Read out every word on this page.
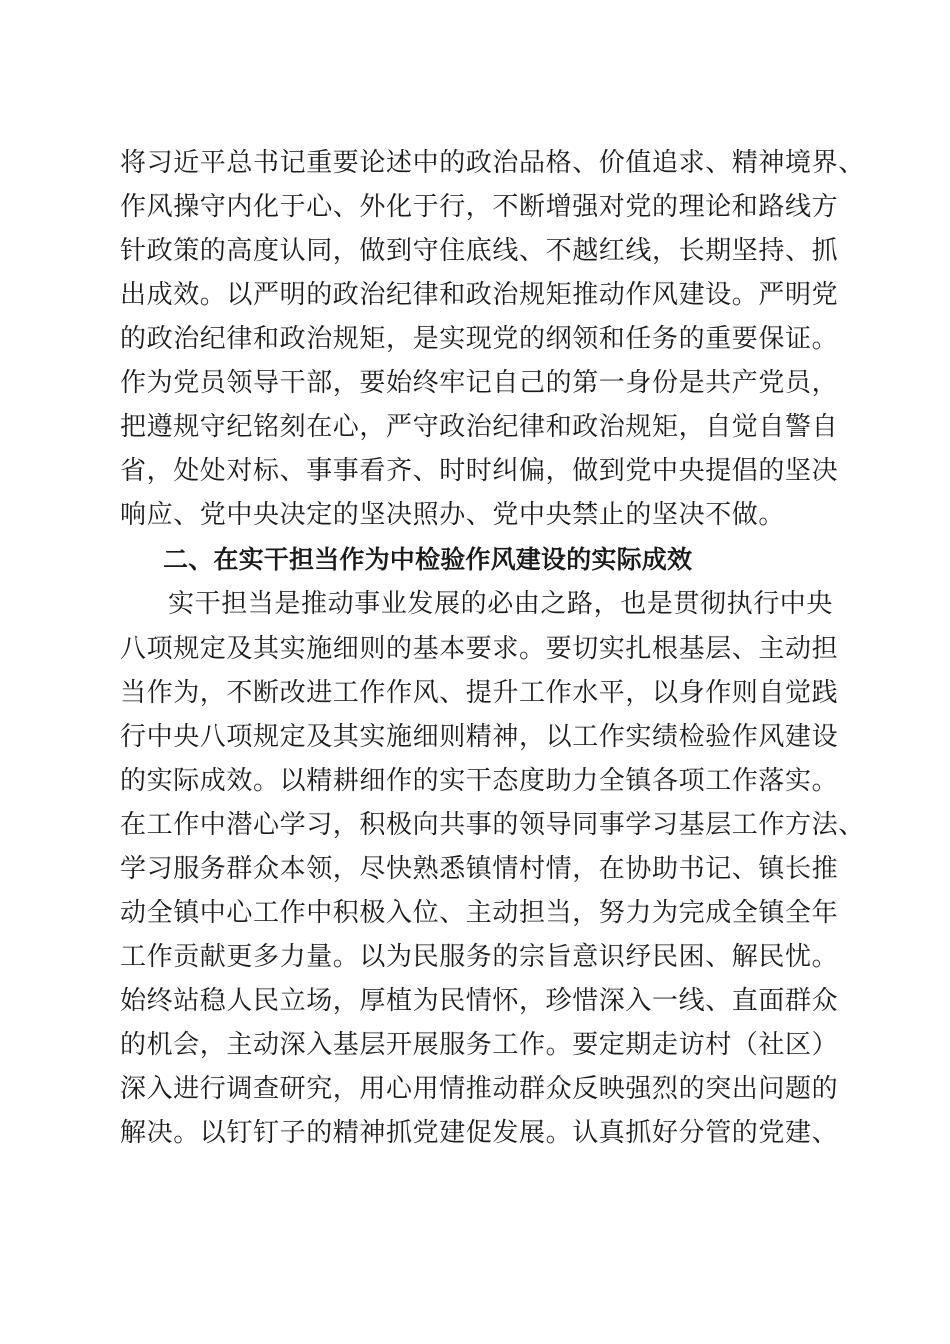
将习近平总书记重要论述中的政治品格、价值追求、精神境界、
作风操守内化于心、外化于行，不断增强对党的理论和路线方
针政策的高度认同，做到守住底线、不越红线，长期坚持、抓
出成效。以严明的政治纪律和政治规矩推动作风建设。严明党
的政治纪律和政治规矩，是实现党的纲领和任务的重要保证。
作为党员领导干部，要始终牢记自己的第一身份是共产党员，
把遵规守纪铭刻在心，严守政治纪律和政治规矩，自觉自警自
省，处处对标、事事看齐、时时纠偏，做到党中央提倡的坚决
响应、党中央决定的坚决照办、党中央禁止的坚决不做。
二、在实干担当作为中检验作风建设的实际成效
实干担当是推动事业发展的必由之路，也是贯彻执行中央
八项规定及其实施细则的基本要求。要切实扎根基层、主动担
当作为，不断改进工作作风、提升工作水平，以身作则自觉践
行中央八项规定及其实施细则精神，以工作实绩检验作风建设
的实际成效。以精耕细作的实干态度助力全镇各项工作落实。
在工作中潜心学习，积极向共事的领导同事学习基层工作方法、
学习服务群众本领，尽快熟悉镇情村情，在协助书记、镇长推
动全镇中心工作中积极入位、主动担当，努力为完成全镇全年
工作贡献更多力量。以为民服务的宗旨意识纾民困、解民忧。
始终站稳人民立场，厚植为民情怀，珍惜深入一线、直面群众
的机会，主动深入基层开展服务工作。要定期走访村（社区）
深入进行调查研究，用心用情推动群众反映强烈的突出问题的
解决。以钉钉子的精神抓党建促发展。认真抓好分管的党建、
